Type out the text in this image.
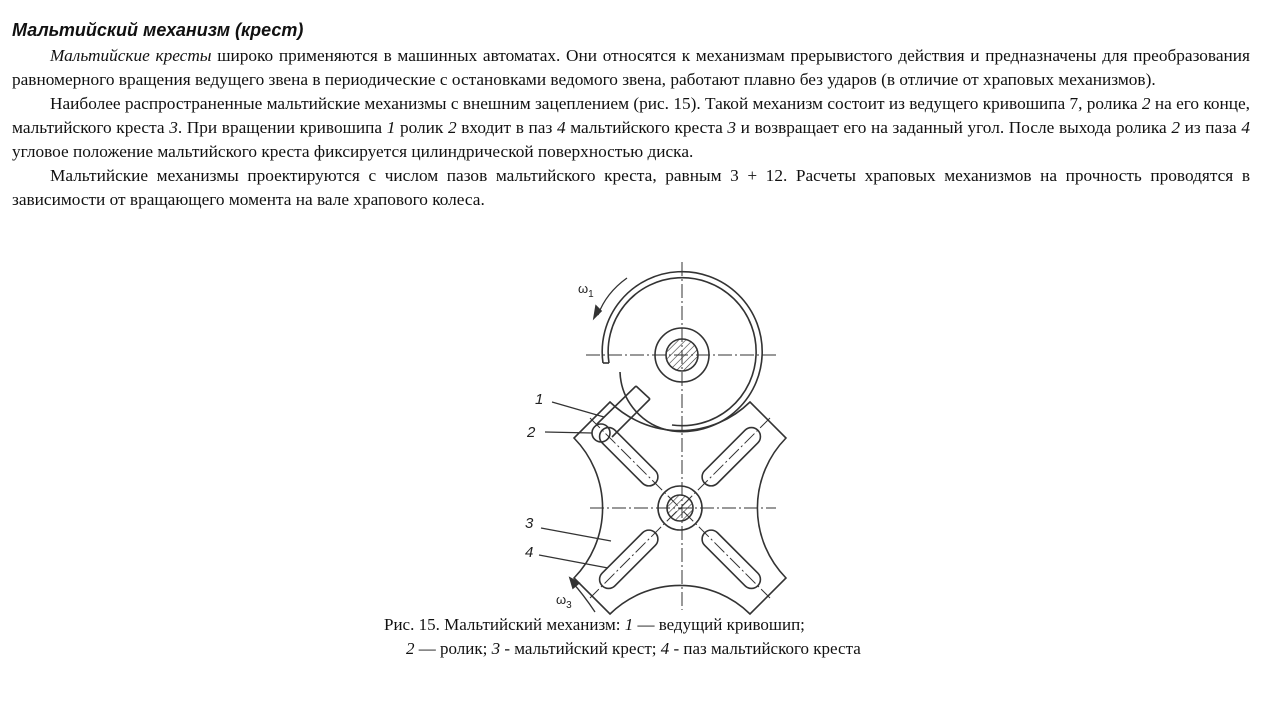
Мальтийский механизм (крест)

Мальтийские кресты широко применяются в машинных автоматах. Они относятся к механизмам прерывистого действия и предназначены для преобразования равномерного вращения ведущего звена в периодические с остановками ведомого звена, работают плавно без ударов (в отличие от храповых механизмов).

Наиболее распространенные мальтийские механизмы с внешним зацеплением (рис. 15). Такой механизм состоит из ведущего кривошипа 7, ролика 2 на его конце, мальтийского креста 3. При вращении кривошипа 1 ролик 2 входит в паз 4 мальтийского креста 3 и возвращает его на заданный угол. После выхода ролика 2 из паза 4 угловое положение мальтийского креста фиксируется цилиндрической поверхностью диска.

Мальтийские механизмы проектируются с числом пазов мальтийского креста, равным 3 + 12. Расчеты храповых механизмов на прочность проводятся в зависимости от вращающего момента на вале храпового колеса.

1
2
3
4
$\omega_1$
$\omega_3$
Рис. 15. Мальтийский механизм: 1 — ведущий кривошип;
2 — ролик; 3 - мальтийский крест; 4 - паз мальтийского креста
